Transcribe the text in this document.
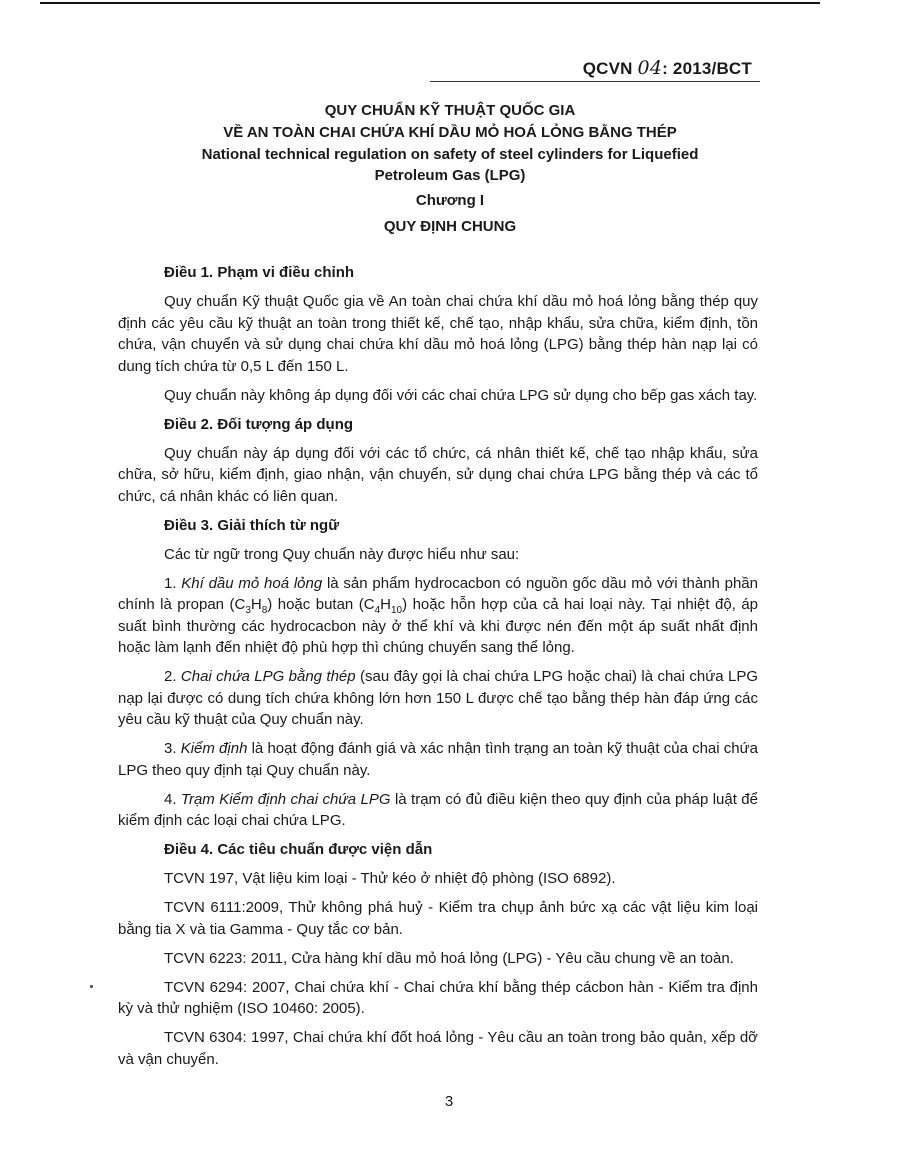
QCVN 04: 2013/BCT
QUY CHUẨN KỸ THUẬT QUỐC GIA
VỀ AN TOÀN CHAI CHỨA KHÍ DẦU MỎ HOÁ LỎNG BẰNG THÉP
National technical regulation on safety of steel cylinders for Liquefied
Petroleum Gas (LPG)
Chương I
QUY ĐỊNH CHUNG
Điều 1. Phạm vi điều chỉnh

Quy chuẩn Kỹ thuật Quốc gia về An toàn chai chứa khí dầu mỏ hoá lỏng bằng thép quy định các yêu cầu kỹ thuật an toàn trong thiết kế, chế tạo, nhập khẩu, sửa chữa, kiểm định, tồn chứa, vận chuyển và sử dụng chai chứa khí dầu mỏ hoá lỏng (LPG) bằng thép hàn nạp lại có dung tích chứa từ 0,5 L đến 150 L.

Quy chuẩn này không áp dụng đối với các chai chứa LPG sử dụng cho bếp gas xách tay.

Điều 2. Đối tượng áp dụng

Quy chuẩn này áp dụng đối với các tổ chức, cá nhân thiết kế, chế tạo nhập khẩu, sửa chữa, sở hữu, kiểm định, giao nhận, vận chuyển, sử dụng chai chứa LPG bằng thép và các tổ chức, cá nhân khác có liên quan.

Điều 3. Giải thích từ ngữ

Các từ ngữ trong Quy chuẩn này được hiểu như sau:

1. Khí dầu mỏ hoá lỏng là sản phẩm hydrocacbon có nguồn gốc dầu mỏ với thành phần chính là propan $(C_3H_8)$ hoặc butan $(C_4H_{10})$ hoặc hỗn hợp của cả hai loại này. Tại nhiệt độ, áp suất bình thường các hydrocacbon này ở thể khí và khi được nén đến một áp suất nhất định hoặc làm lạnh đến nhiệt độ phù hợp thì chúng chuyển sang thể lỏng.

2. Chai chứa LPG bằng thép (sau đây gọi là chai chứa LPG hoặc chai) là chai chứa LPG nạp lại được có dung tích chứa không lớn hơn 150 L được chế tạo bằng thép hàn đáp ứng các yêu cầu kỹ thuật của Quy chuẩn này.

3. Kiểm định là hoạt động đánh giá và xác nhận tình trạng an toàn kỹ thuật của chai chứa LPG theo quy định tại Quy chuẩn này.

4. Trạm Kiểm định chai chứa LPG là trạm có đủ điều kiện theo quy định của pháp luật để kiểm định các loại chai chứa LPG.

Điều 4. Các tiêu chuẩn được viện dẫn

TCVN 197, Vật liệu kim loại - Thử kéo ở nhiệt độ phòng (ISO 6892).

TCVN 6111:2009, Thử không phá huỷ - Kiểm tra chụp ảnh bức xạ các vật liệu kim loại bằng tia X và tia Gamma - Quy tắc cơ bản.

TCVN 6223: 2011, Cửa hàng khí dầu mỏ hoá lỏng (LPG) - Yêu cầu chung về an toàn.

TCVN 6294: 2007, Chai chứa khí - Chai chứa khí bằng thép cácbon hàn - Kiểm tra định kỳ và thử nghiệm (ISO 10460: 2005).

TCVN 6304: 1997, Chai chứa khí đốt hoá lỏng - Yêu cầu an toàn trong bảo quản, xếp dỡ và vận chuyển.

3
